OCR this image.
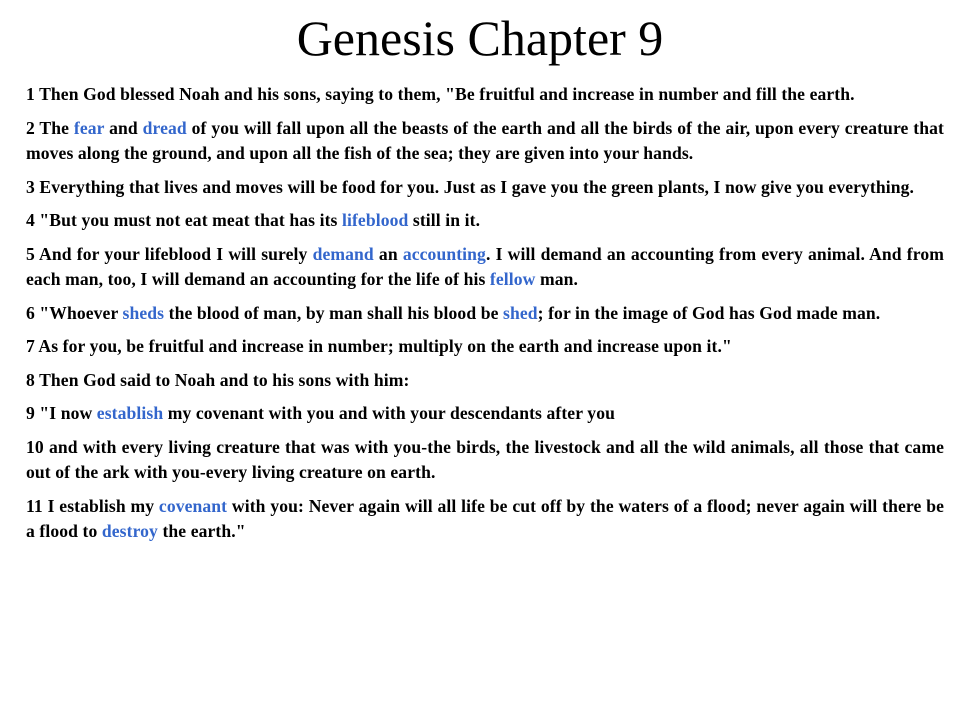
Genesis Chapter 9

1 Then God blessed Noah and his sons, saying to them, "Be fruitful and increase in number and fill the earth.

2 The fear and dread of you will fall upon all the beasts of the earth and all the birds of the air, upon every creature that moves along the ground, and upon all the fish of the sea; they are given into your hands.

3 Everything that lives and moves will be food for you. Just as I gave you the green plants, I now give you everything.

4 "But you must not eat meat that has its lifeblood still in it.

5 And for your lifeblood I will surely demand an accounting. I will demand an accounting from every animal. And from each man, too, I will demand an accounting for the life of his fellow man.

6 "Whoever sheds the blood of man, by man shall his blood be shed; for in the image of God has God made man.

7 As for you, be fruitful and increase in number; multiply on the earth and increase upon it."

8 Then God said to Noah and to his sons with him:

9 "I now establish my covenant with you and with your descendants after you

10 and with every living creature that was with you-the birds, the livestock and all the wild animals, all those that came out of the ark with you-every living creature on earth.

11 I establish my covenant with you: Never again will all life be cut off by the waters of a flood; never again will there be a flood to destroy the earth."
